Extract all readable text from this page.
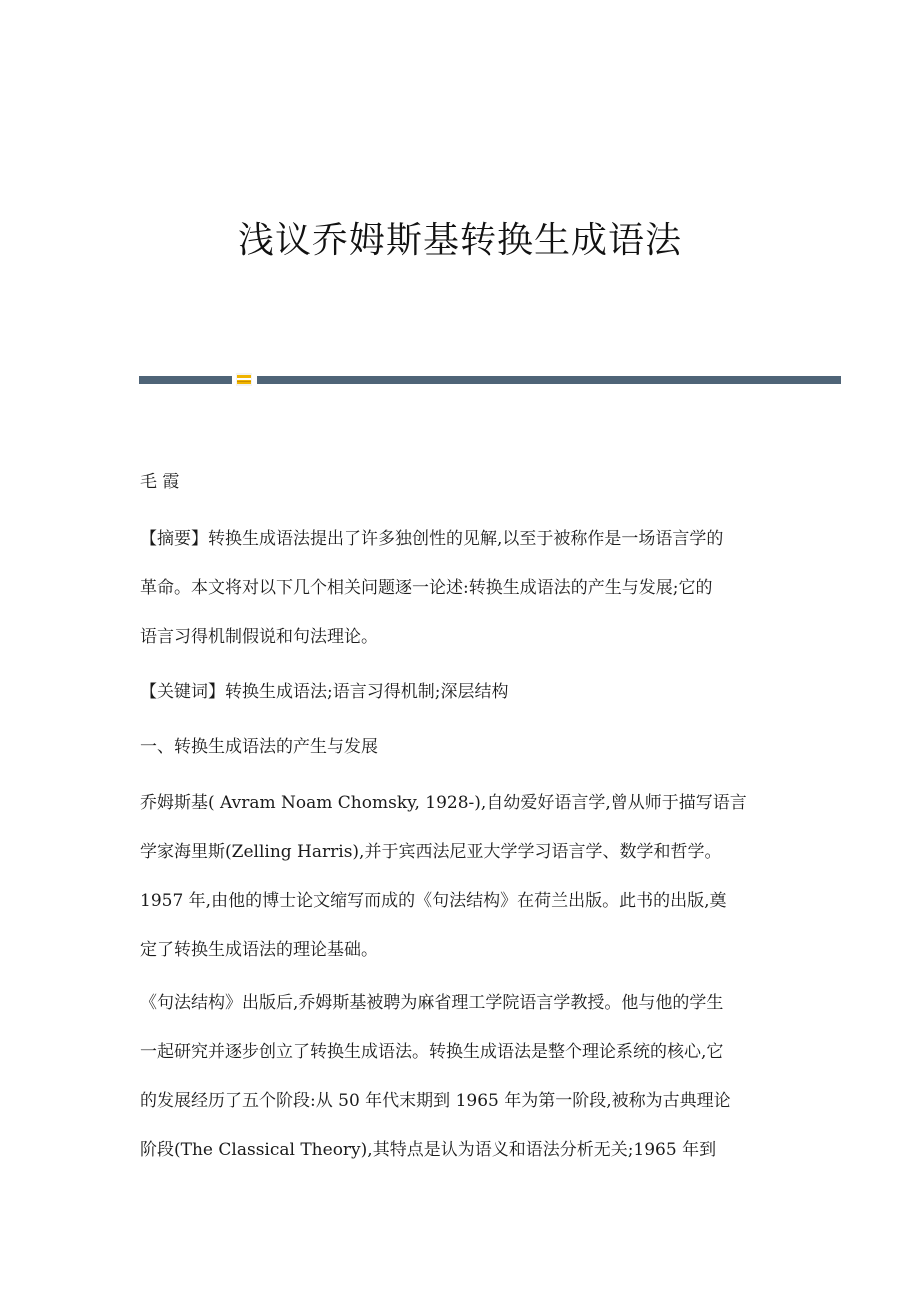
浅议乔姆斯基转换生成语法
毛 霞

【摘要】转换生成语法提出了许多独创性的见解,以至于被称作是一场语言学的

革命。本文将对以下几个相关问题逐一论述:转换生成语法的产生与发展;它的

语言习得机制假说和句法理论。

【关键词】转换生成语法;语言习得机制;深层结构
一、转换生成语法的产生与发展

乔姆斯基( Avram Noam Chomsky, 1928-),自幼爱好语言学,曾从师于描写语言

学家海里斯(Zelling Harris),并于宾西法尼亚大学学习语言学、数学和哲学。

1957 年,由他的博士论文缩写而成的《句法结构》在荷兰出版。此书的出版,奠

定了转换生成语法的理论基础。

《句法结构》出版后,乔姆斯基被聘为麻省理工学院语言学教授。他与他的学生

一起研究并逐步创立了转换生成语法。转换生成语法是整个理论系统的核心,它

的发展经历了五个阶段:从 50 年代末期到 1965 年为第一阶段,被称为古典理论

阶段(The Classical Theory),其特点是认为语义和语法分析无关;1965 年到
